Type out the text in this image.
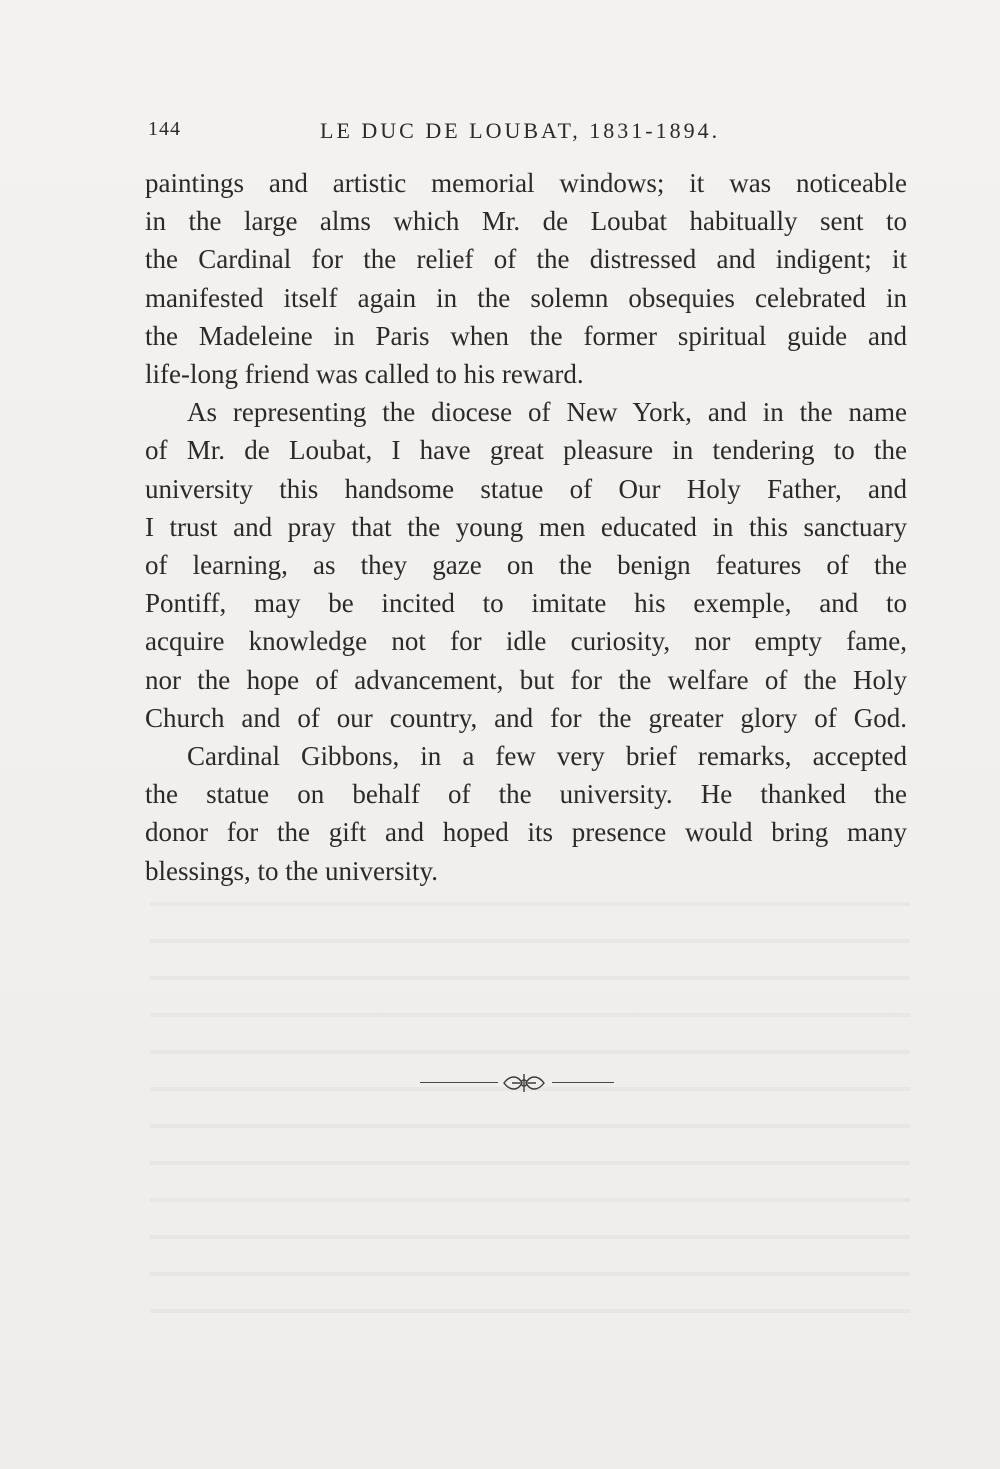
144	LE DUC DE LOUBAT, 1831-1894.

paintings and artistic memorial windows; it was noticeable
in the large alms which Mr. de Loubat habitually sent to
the Cardinal for the relief of the distressed and indigent; it
manifested itself again in the solemn obsequies celebrated in
the Madeleine in Paris when the former spiritual guide and
life-long friend was called to his reward.

As representing the diocese of New York, and in the name
of Mr. de Loubat, I have great pleasure in tendering to the
university this handsome statue of Our Holy Father, and
I trust and pray that the young men educated in this sanctuary
of learning, as they gaze on the benign features of the
Pontiff, may be incited to imitate his exemple, and to
acquire knowledge not for idle curiosity, nor empty fame,
nor the hope of advancement, but for the welfare of the Holy
Church and of our country, and for the greater glory of God.

Cardinal Gibbons, in a few very brief remarks, accepted
the statue on behalf of the university. He thanked the
donor for the gift and hoped its presence would bring many
blessings, to the university.
